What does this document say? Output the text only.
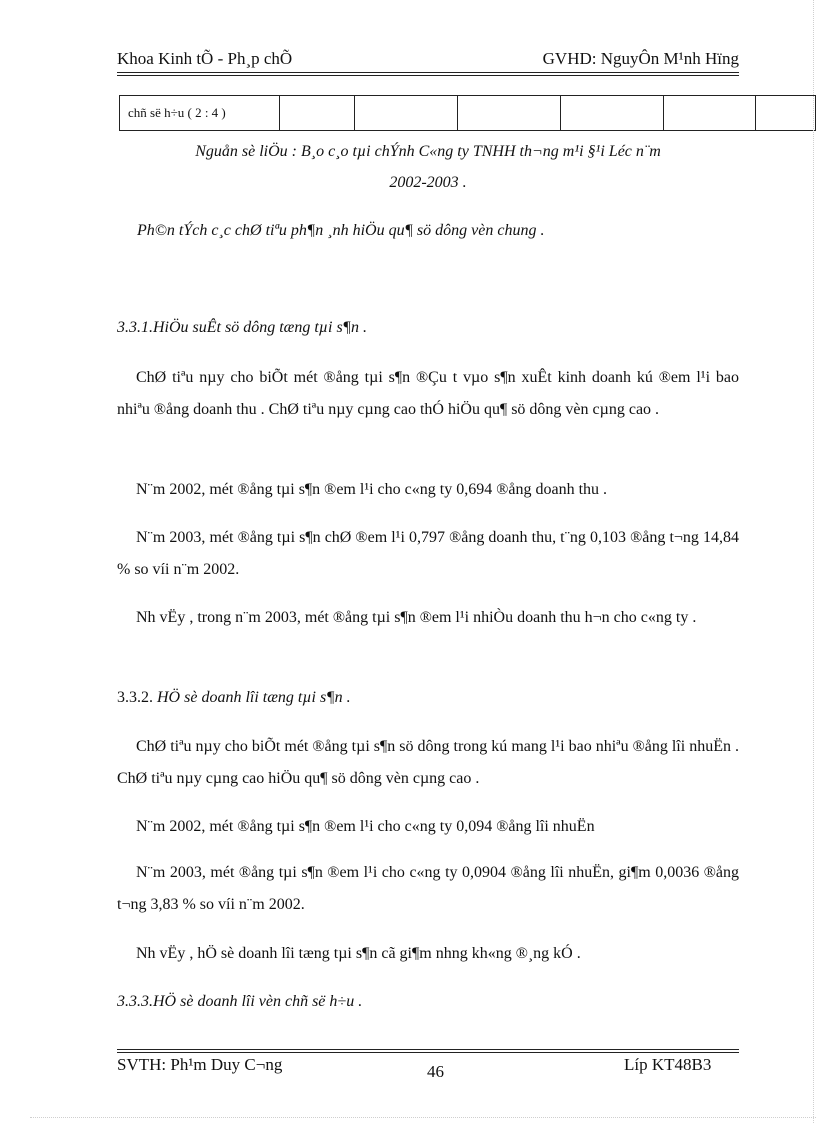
Khoa Kinh tÕ - Ph¸p chÕ	GVHD: NguyÔn M¹nh Hïng
chñ së h÷u ( 2 : 4 )						
Nguån sè liÖu : B¸o c¸o tµi chÝnh C«ng ty TNHH th¬ng m¹i §¹i Léc n¨m
2002-2003 .
Ph©n tÝch c¸c chØ tiªu ph¶n ¸nh hiÖu qu¶ sö dông vèn chung .
3.3.1.HiÖu suÊt sö dông tæng tµi s¶n .

ChØ tiªu nµy cho biÕt mét ®ång tµi s¶n ®Çu t vµo s¶n xuÊt kinh doanh kú ®em l¹i bao nhiªu ®ång doanh thu . ChØ tiªu nµy cµng cao thÓ hiÖu qu¶ sö dông vèn cµng cao .

N¨m 2002, mét ®ång tµi s¶n ®em l¹i cho c«ng ty 0,694 ®ång doanh thu .

N¨m 2003, mét ®ång tµi s¶n chØ ®em l¹i 0,797 ®ång doanh thu, t¨ng 0,103 ®ång t¬ng 14,84 % so víi n¨m 2002.

Nh vËy , trong n¨m 2003, mét ®ång tµi s¶n ®em l¹i nhiÒu doanh thu h¬n cho c«ng ty .

3.3.2. HÖ sè doanh lîi tæng tµi s¶n .

ChØ tiªu nµy cho biÕt mét ®ång tµi s¶n sö dông trong kú mang l¹i bao nhiªu ®ång lîi nhuËn . ChØ tiªu nµy cµng cao hiÖu qu¶ sö dông vèn cµng cao .

N¨m 2002, mét ®ång tµi s¶n ®em l¹i cho c«ng ty 0,094 ®ång lîi nhuËn

N¨m 2003, mét ®ång tµi s¶n ®em l¹i cho c«ng ty 0,0904 ®ång lîi nhuËn, gi¶m 0,0036 ®ång t¬ng 3,83 % so víi n¨m 2002.

Nh vËy , hÖ sè doanh lîi tæng tµi s¶n cã gi¶m nhng kh«ng ®¸ng kÓ .

3.3.3.HÖ sè doanh lîi vèn chñ së h÷u .
SVTH: Ph¹m Duy C¬ng	46	Líp KT48B3
